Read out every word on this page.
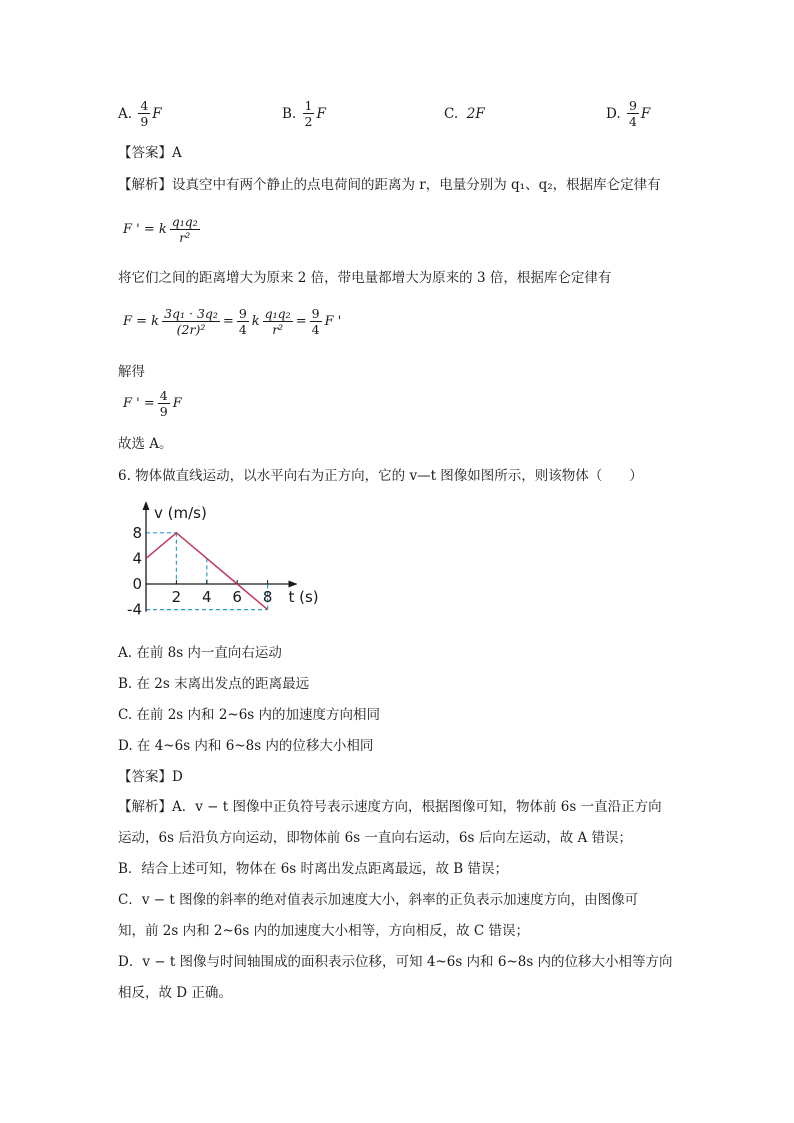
A.
$\frac{4}{9}$ F	B.
$\frac{1}{2}$ F	C.
2F	D.
$\frac{9}{4}$ F
【答案】A
【解析】设真空中有两个静止的点电荷间的距离为 r，电量分别为 q₁、q₂，根据库仑定律有
F ' = k $\frac{\text{q₁q₂}}{\text{r²}}$
将它们之间的距离增大为原来 2 倍，带电量都增大为原来的 3 倍，根据库仑定律有
F = k $\frac{\text{3q₁ · 3q₂}}{\text{(2r)²}} = \frac{9}{4}$ k $\frac{\text{q₁q₂}}{\text{r²}} = \frac{9}{4}$ F '
解得
F ' = $\frac{4}{9}$ F
故选 A。
6. 物体做直线运动，以水平向右为正方向，它的 v—t 图像如图所示，则该物体（　　）
2 4 6 8
8
4
0
-4
v (m/s)
t (s)
A. 在前 8s 内一直向右运动
B. 在 2s 末离出发点的距离最远
C. 在前 2s 内和 2~6s 内的加速度方向相同
D. 在 4~6s 内和 6~8s 内的位移大小相同
【答案】D
【解析】A．v − t 图像中正负符号表示速度方向，根据图像可知，物体前 6s 一直沿正方向
运动，6s 后沿负方向运动，即物体前 6s 一直向右运动，6s 后向左运动，故 A 错误；
B．结合上述可知，物体在 6s 时离出发点距离最远，故 B 错误；
C．v − t 图像的斜率的绝对值表示加速度大小，斜率的正负表示加速度方向，由图像可
知，前 2s 内和 2~6s 内的加速度大小相等，方向相反，故 C 错误；
D．v − t 图像与时间轴围成的面积表示位移，可知 4~6s 内和 6~8s 内的位移大小相等方向
相反，故 D 正确。
